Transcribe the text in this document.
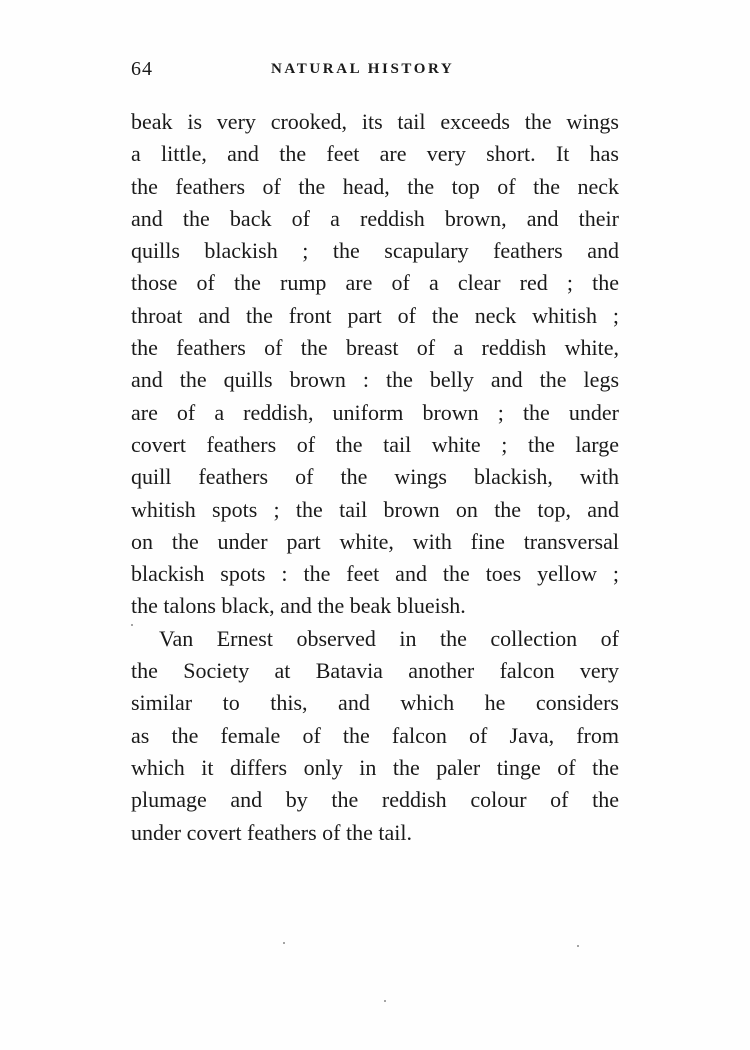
64	NATURAL HISTORY
beak is very crooked, its tail exceeds the wings
a little, and the feet are very short. It has
the feathers of the head, the top of the neck
and the back of a reddish brown, and their
quills blackish ; the scapulary feathers and
those of the rump are of a clear red ; the
throat and the front part of the neck whitish ;
the feathers of the breast of a reddish white,
and the quills brown : the belly and the legs
are of a reddish, uniform brown ; the under
covert feathers of the tail white ; the large
quill feathers of the wings blackish, with
whitish spots ; the tail brown on the top, and
on the under part white, with fine transversal
blackish spots : the feet and the toes yellow ;
the talons black, and the beak blueish.
Van Ernest observed in the collection of
the Society at Batavia another falcon very
similar to this, and which he considers
as the female of the falcon of Java, from
which it differs only in the paler tinge of the
plumage and by the reddish colour of the
under covert feathers of the tail.
